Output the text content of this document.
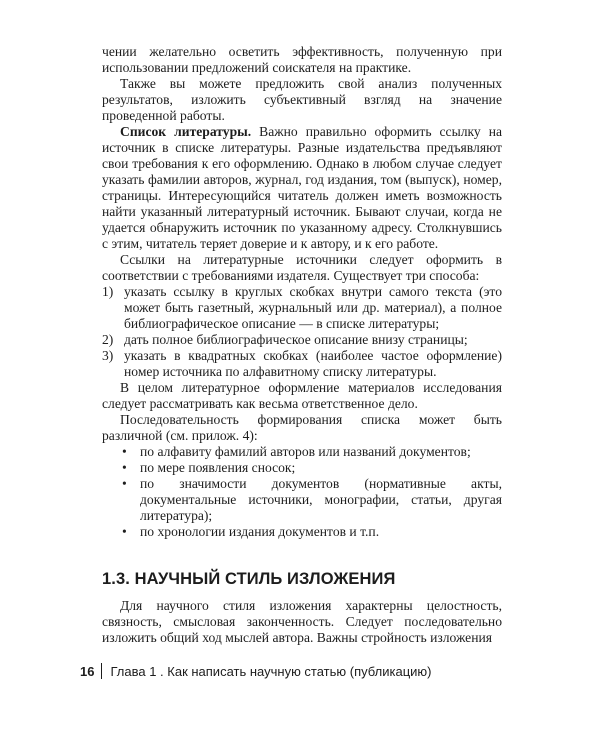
чении желательно осветить эффективность, полученную при использовании предложений соискателя на практике.

Также вы можете предложить свой анализ полученных результатов, изложить субъективный взгляд на значение проведенной работы.

Список литературы. Важно правильно оформить ссылку на источник в списке литературы. Разные издательства предъявляют свои требования к его оформлению. Однако в любом случае следует указать фамилии авторов, журнал, год издания, том (выпуск), номер, страницы. Интересующийся читатель должен иметь возможность найти указанный литературный источник. Бывают случаи, когда не удается обнаружить источник по указанному адресу. Столкнувшись с этим, читатель теряет доверие и к автору, и к его работе.

Ссылки на литературные источники следует оформить в соответствии с требованиями издателя. Существует три способа:

1) указать ссылку в круглых скобках внутри самого текста (это может быть газетный, журнальный или др. материал), а полное библиографическое описание — в списке литературы;
2) дать полное библиографическое описание внизу страницы;
3) указать в квадратных скобках (наиболее частое оформление) номер источника по алфавитному списку литературы.

В целом литературное оформление материалов исследования следует рассматривать как весьма ответственное дело.

Последовательность формирования списка может быть различной (см. прилож. 4):

• по алфавиту фамилий авторов или названий документов;
• по мере появления сносок;
• по значимости документов (нормативные акты, документальные источники, монографии, статьи, другая литература);
• по хронологии издания документов и т.п.
1.3. НАУЧНЫЙ СТИЛЬ ИЗЛОЖЕНИЯ

Для научного стиля изложения характерны целостность, связность, смысловая законченность. Следует последовательно изложить общий ход мыслей автора. Важны стройность изложения

16 Глава 1 . Как написать научную статью (публикацию)
